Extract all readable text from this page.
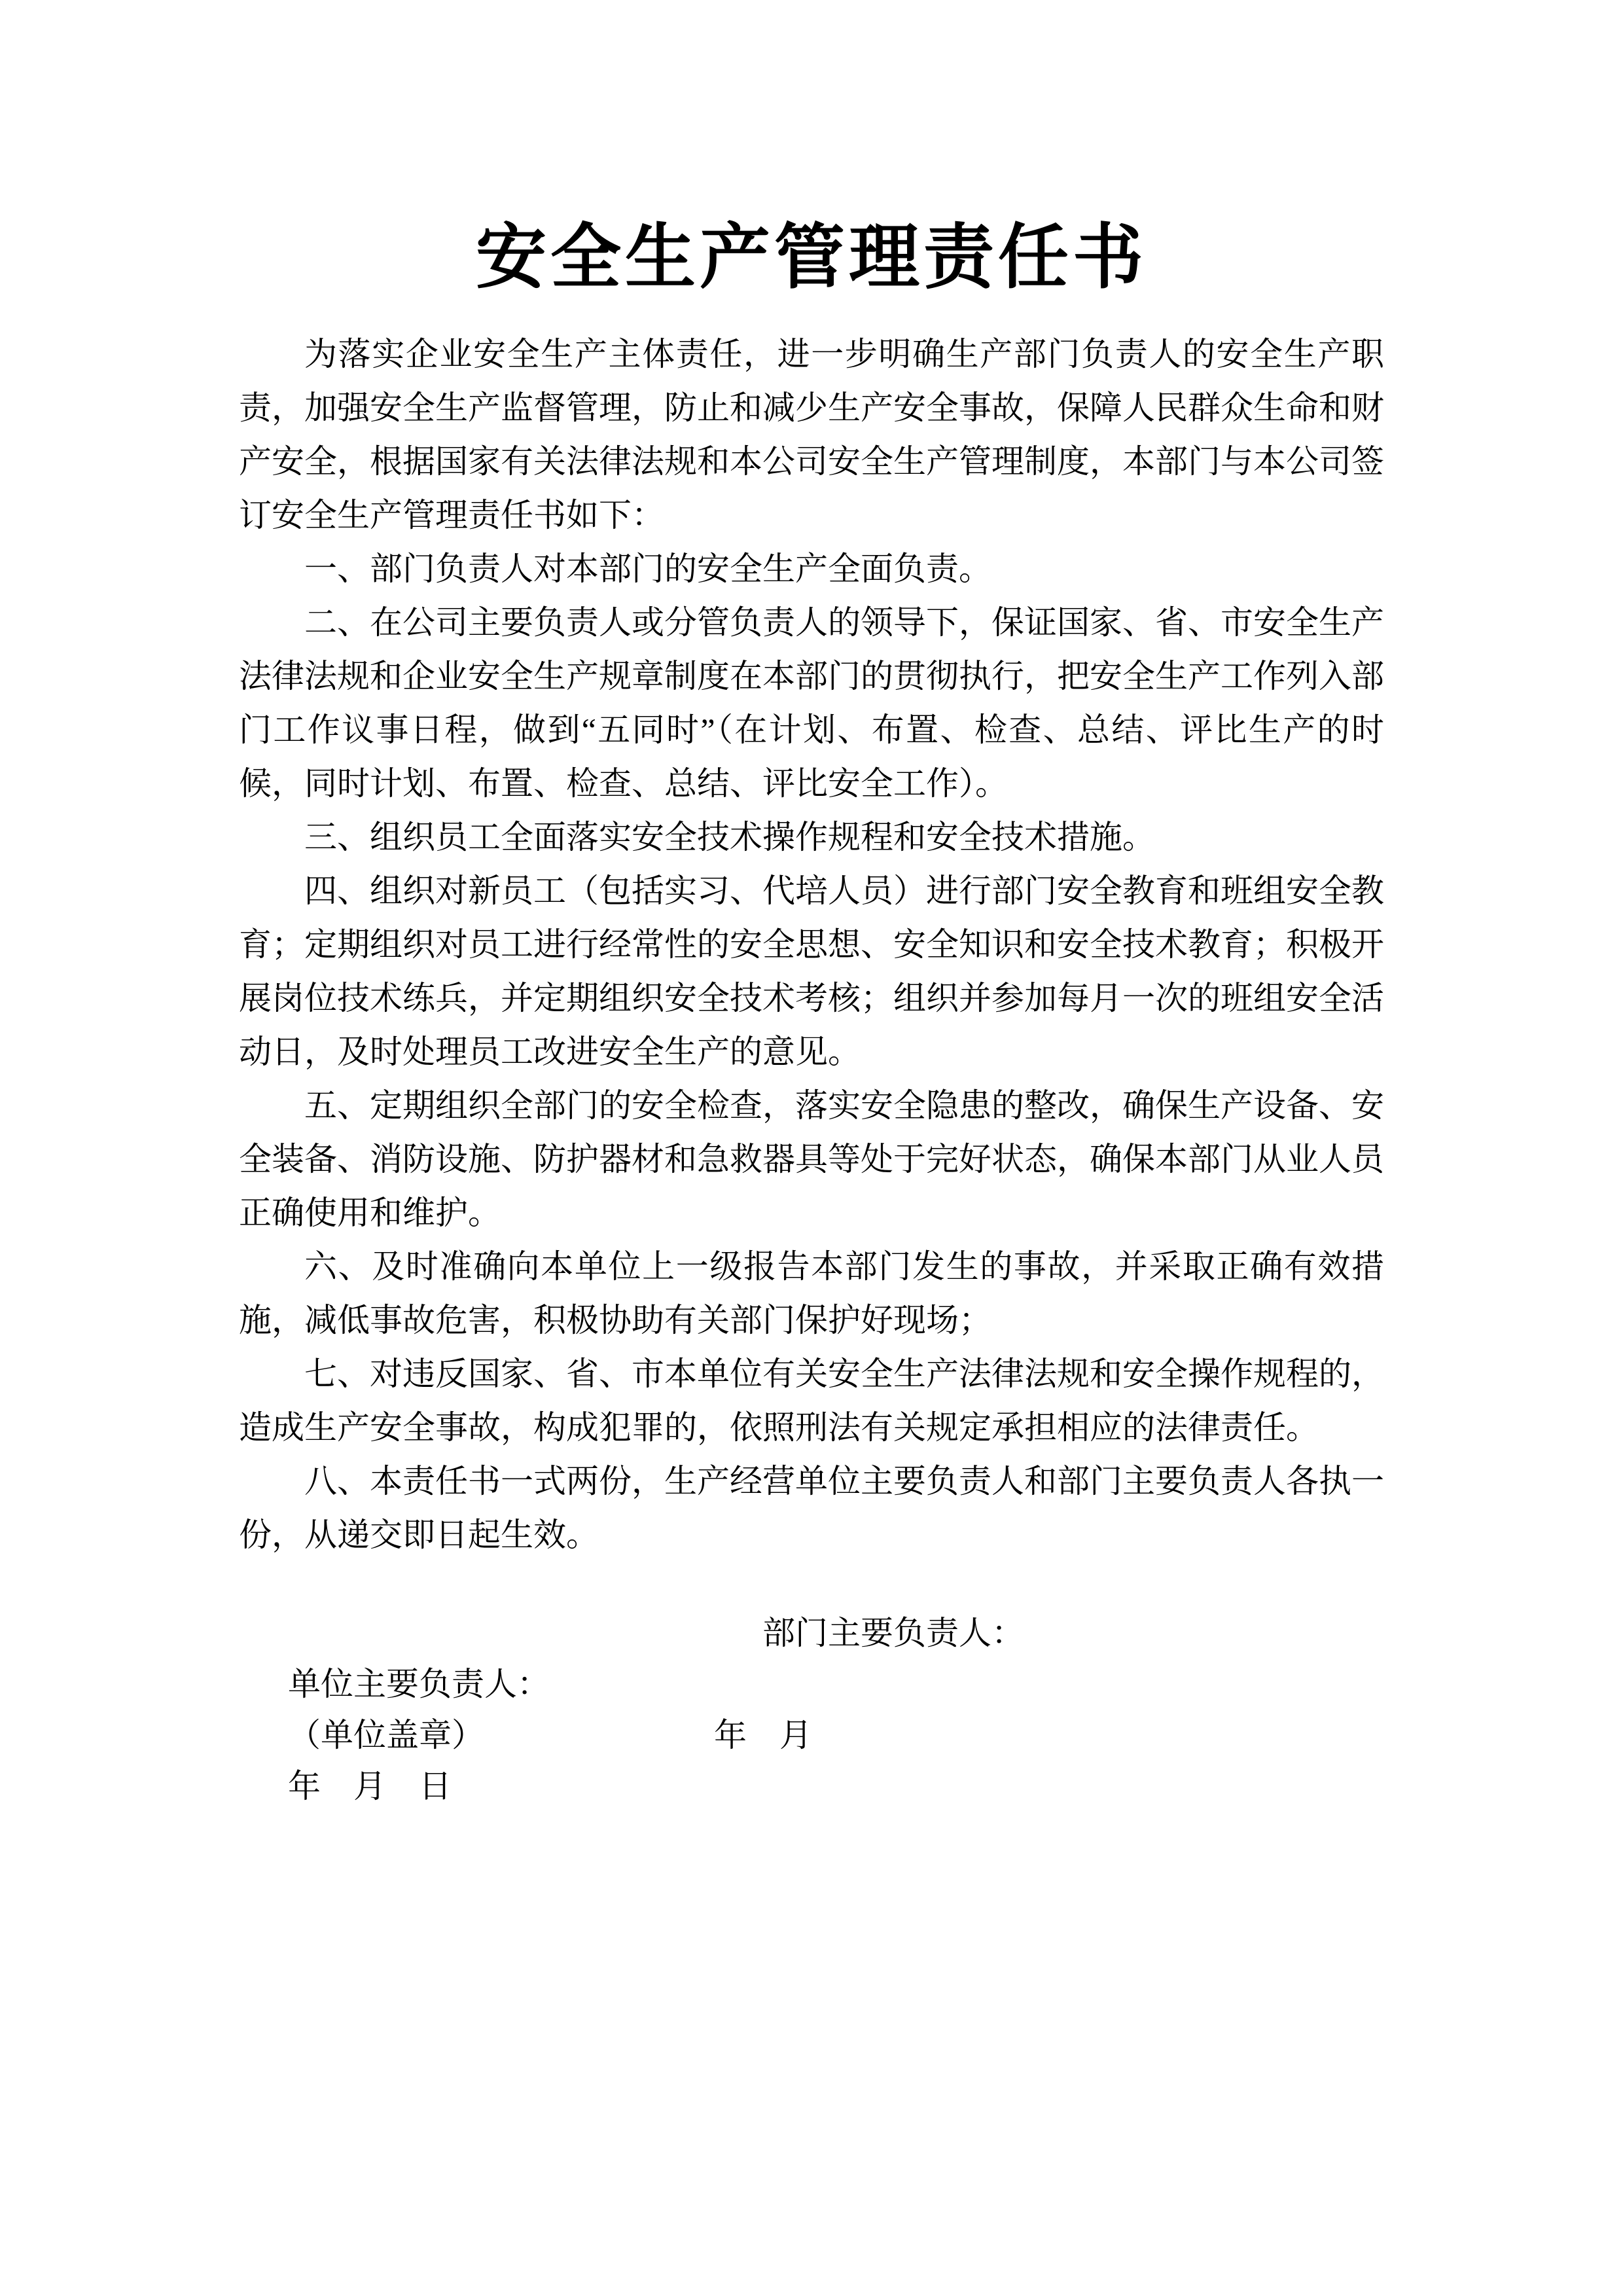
安全生产管理责任书

为落实企业安全生产主体责任，进一步明确生产部门负责人的安全生产职责，加强安全生产监督管理，防止和减少生产安全事故，保障人民群众生命和财产安全，根据国家有关法律法规和本公司安全生产管理制度，本部门与本公司签订安全生产管理责任书如下：

一、部门负责人对本部门的安全生产全面负责。

二、在公司主要负责人或分管负责人的领导下，保证国家、省、市安全生产法律法规和企业安全生产规章制度在本部门的贯彻执行，把安全生产工作列入部门工作议事日程，做到“五同时”（在计划、布置、检查、总结、评比生产的时候，同时计划、布置、检查、总结、评比安全工作）。

三、组织员工全面落实安全技术操作规程和安全技术措施。

四、组织对新员工（包括实习、代培人员）进行部门安全教育和班组安全教育；定期组织对员工进行经常性的安全思想、安全知识和安全技术教育；积极开展岗位技术练兵，并定期组织安全技术考核；组织并参加每月一次的班组安全活动日，及时处理员工改进安全生产的意见。

五、定期组织全部门的安全检查，落实安全隐患的整改，确保生产设备、安全装备、消防设施、防护器材和急救器具等处于完好状态，确保本部门从业人员正确使用和维护。

六、及时准确向本单位上一级报告本部门发生的事故，并采取正确有效措施，减低事故危害，积极协助有关部门保护好现场；

七、对违反国家、省、市本单位有关安全生产法律法规和安全操作规程的，造成生产安全事故，构成犯罪的，依照刑法有关规定承担相应的法律责任。

八、本责任书一式两份，生产经营单位主要负责人和部门主要负责人各执一份，从递交即日起生效。

单位主要负责人：

部门主要负责人：

（单位盖章）

年　月　日

年　月
